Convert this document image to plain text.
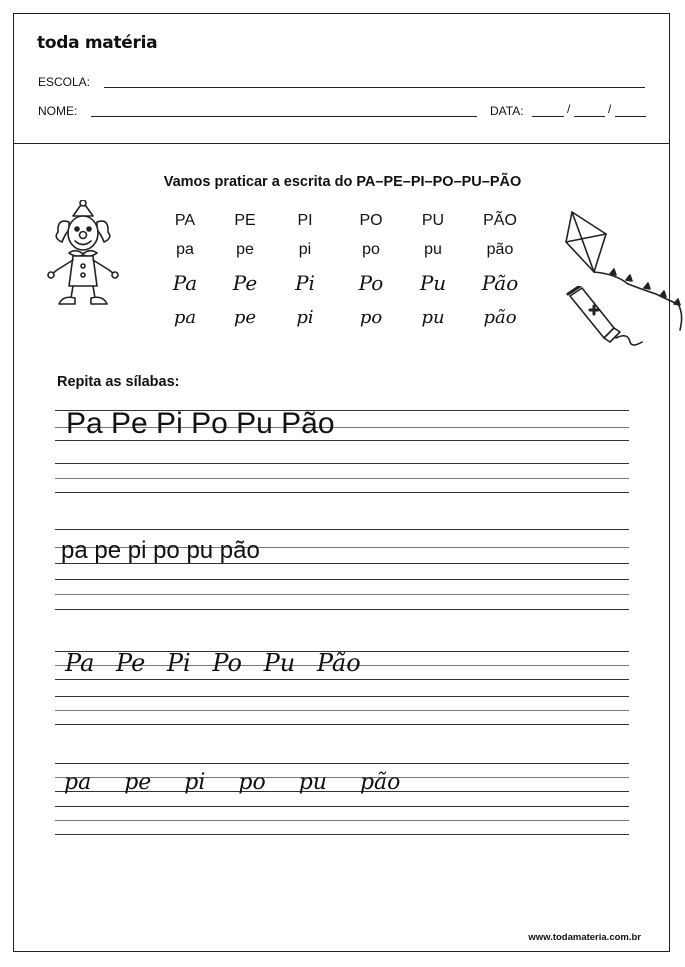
toda matéria
ESCOLA:
NOME:	DATA:	/	/
Vamos praticar a escrita do PA–PE–PI–PO–PU–PÃO
PA	PE	PI	PO	PU	PÃO
pa	pe	pi	po	pu	pão
Pa	Pe	Pi	Po	Pu	Pão
pa	pe	pi	po	pu	pão
Repita as sílabas:
Pa Pe Pi Po Pu Pão
pa pe pi po pu pão
Pa Pe Pi Po Pu Pão
pa pe pi po pu pão
www.todamateria.com.br
